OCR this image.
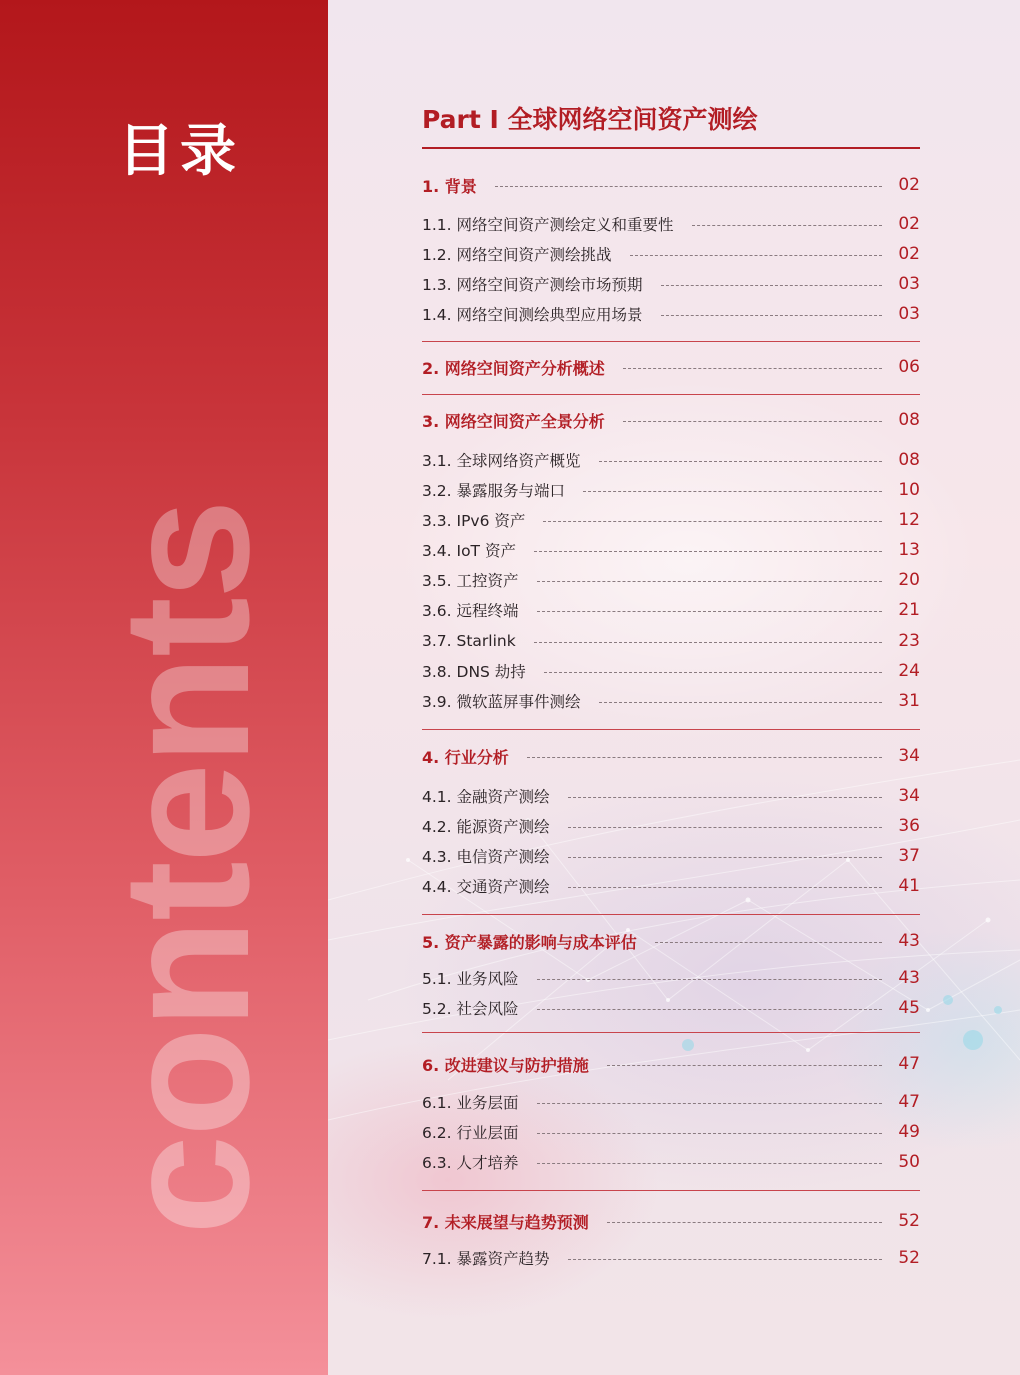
目录
contents
Part I 全球网络空间资产测绘
1. 背景	02
1.1. 网络空间资产测绘定义和重要性	02
1.2. 网络空间资产测绘挑战	02
1.3. 网络空间资产测绘市场预期	03
1.4. 网络空间测绘典型应用场景	03
2. 网络空间资产分析概述	06
3. 网络空间资产全景分析	08
3.1. 全球网络资产概览	08
3.2. 暴露服务与端口	10
3.3. IPv6 资产	12
3.4. IoT 资产	13
3.5. 工控资产	20
3.6. 远程终端	21
3.7. Starlink	23
3.8. DNS 劫持	24
3.9. 微软蓝屏事件测绘	31
4. 行业分析	34
4.1. 金融资产测绘	34
4.2. 能源资产测绘	36
4.3. 电信资产测绘	37
4.4. 交通资产测绘	41
5. 资产暴露的影响与成本评估	43
5.1. 业务风险	43
5.2. 社会风险	45
6. 改进建议与防护措施	47
6.1. 业务层面	47
6.2. 行业层面	49
6.3. 人才培养	50
7. 未来展望与趋势预测	52
7.1. 暴露资产趋势	52
